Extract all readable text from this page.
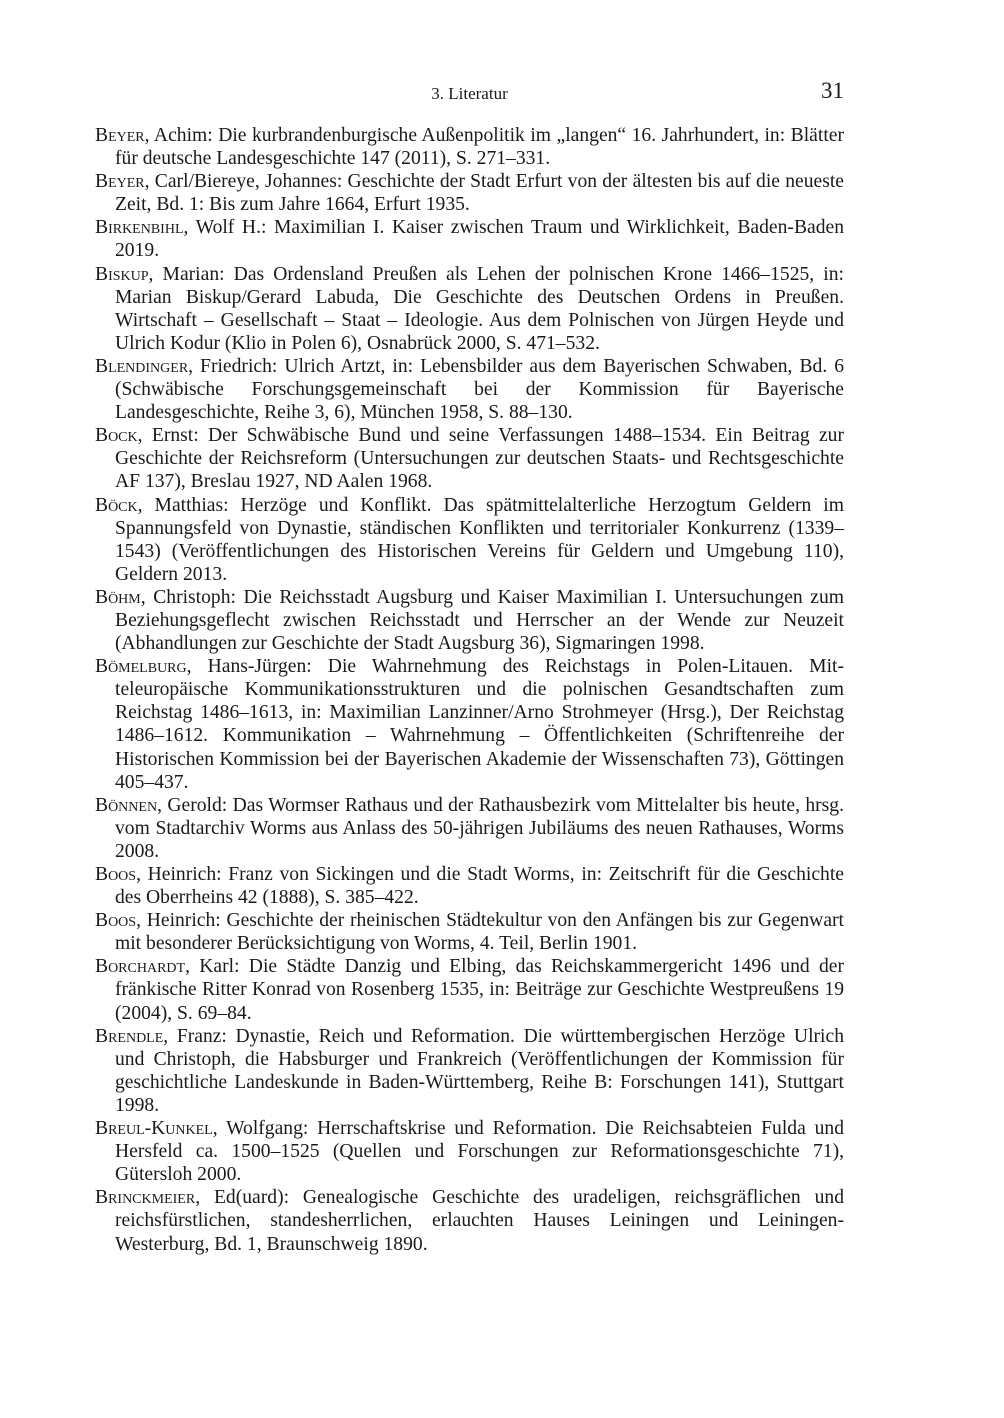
3. Literatur	31
Beyer, Achim: Die kurbrandenburgische Außenpolitik im „langen“ 16. Jahrhundert, in: Blätter für deutsche Landesgeschichte 147 (2011), S. 271–331.
Beyer, Carl/Biereye, Johannes: Geschichte der Stadt Erfurt von der ältesten bis auf die neueste Zeit, Bd. 1: Bis zum Jahre 1664, Erfurt 1935.
Birkenbihl, Wolf H.: Maximilian I. Kaiser zwischen Traum und Wirklichkeit, Baden-Baden 2019.
Biskup, Marian: Das Ordensland Preußen als Lehen der polnischen Krone 1466–1525, in: Marian Biskup/Gerard Labuda, Die Geschichte des Deutschen Ordens in Preußen. Wirtschaft – Gesellschaft – Staat – Ideologie. Aus dem Polnischen von Jürgen Heyde und Ulrich Kodur (Klio in Polen 6), Osnabrück 2000, S. 471–532.
Blendinger, Friedrich: Ulrich Artzt, in: Lebensbilder aus dem Bayerischen Schwaben, Bd. 6 (Schwäbische Forschungsgemeinschaft bei der Kommission für Bayerische Landesgeschichte, Reihe 3, 6), München 1958, S. 88–130.
Bock, Ernst: Der Schwäbische Bund und seine Verfassungen 1488–1534. Ein Beitrag zur Geschichte der Reichsreform (Untersuchungen zur deutschen Staats- und Rechtsgeschichte AF 137), Breslau 1927, ND Aalen 1968.
Böck, Matthias: Herzöge und Konflikt. Das spätmittelalterliche Herzogtum Geldern im Spannungsfeld von Dynastie, ständischen Konflikten und territorialer Konkurrenz (1339–1543) (Veröffentlichungen des Historischen Vereins für Geldern und Umgebung 110), Geldern 2013.
Böhm, Christoph: Die Reichsstadt Augsburg und Kaiser Maximilian I. Untersuchungen zum Beziehungsgeflecht zwischen Reichsstadt und Herrscher an der Wende zur Neuzeit (Abhandlungen zur Geschichte der Stadt Augsburg 36), Sigmaringen 1998.
Bömelburg, Hans-Jürgen: Die Wahrnehmung des Reichstags in Polen-Litauen. Mitteleuropäische Kommunikationsstrukturen und die polnischen Gesandtschaften zum Reichstag 1486–1613, in: Maximilian Lanzinner/Arno Strohmeyer (Hrsg.), Der Reichstag 1486–1612. Kommunikation – Wahrnehmung – Öffentlichkeiten (Schriftenreihe der Historischen Kommission bei der Bayerischen Akademie der Wissenschaften 73), Göttingen 405–437.
Bönnen, Gerold: Das Wormser Rathaus und der Rathausbezirk vom Mittelalter bis heute, hrsg. vom Stadtarchiv Worms aus Anlass des 50-jährigen Jubiläums des neuen Rathauses, Worms 2008.
Boos, Heinrich: Franz von Sickingen und die Stadt Worms, in: Zeitschrift für die Geschichte des Oberrheins 42 (1888), S. 385–422.
Boos, Heinrich: Geschichte der rheinischen Städtekultur von den Anfängen bis zur Gegenwart mit besonderer Berücksichtigung von Worms, 4. Teil, Berlin 1901.
Borchardt, Karl: Die Städte Danzig und Elbing, das Reichskammergericht 1496 und der fränkische Ritter Konrad von Rosenberg 1535, in: Beiträge zur Geschichte Westpreußens 19 (2004), S. 69–84.
Brendle, Franz: Dynastie, Reich und Reformation. Die württembergischen Herzöge Ulrich und Christoph, die Habsburger und Frankreich (Veröffentlichungen der Kommission für geschichtliche Landeskunde in Baden-Württemberg, Reihe B: Forschungen 141), Stuttgart 1998.
Breul-Kunkel, Wolfgang: Herrschaftskrise und Reformation. Die Reichsabteien Fulda und Hersfeld ca. 1500–1525 (Quellen und Forschungen zur Reformationsgeschichte 71), Gütersloh 2000.
Brinckmeier, Ed(uard): Genealogische Geschichte des uradeligen, reichsgräflichen und reichsfürstlichen, standesherrlichen, erlauchten Hauses Leiningen und Leiningen-Westerburg, Bd. 1, Braunschweig 1890.
